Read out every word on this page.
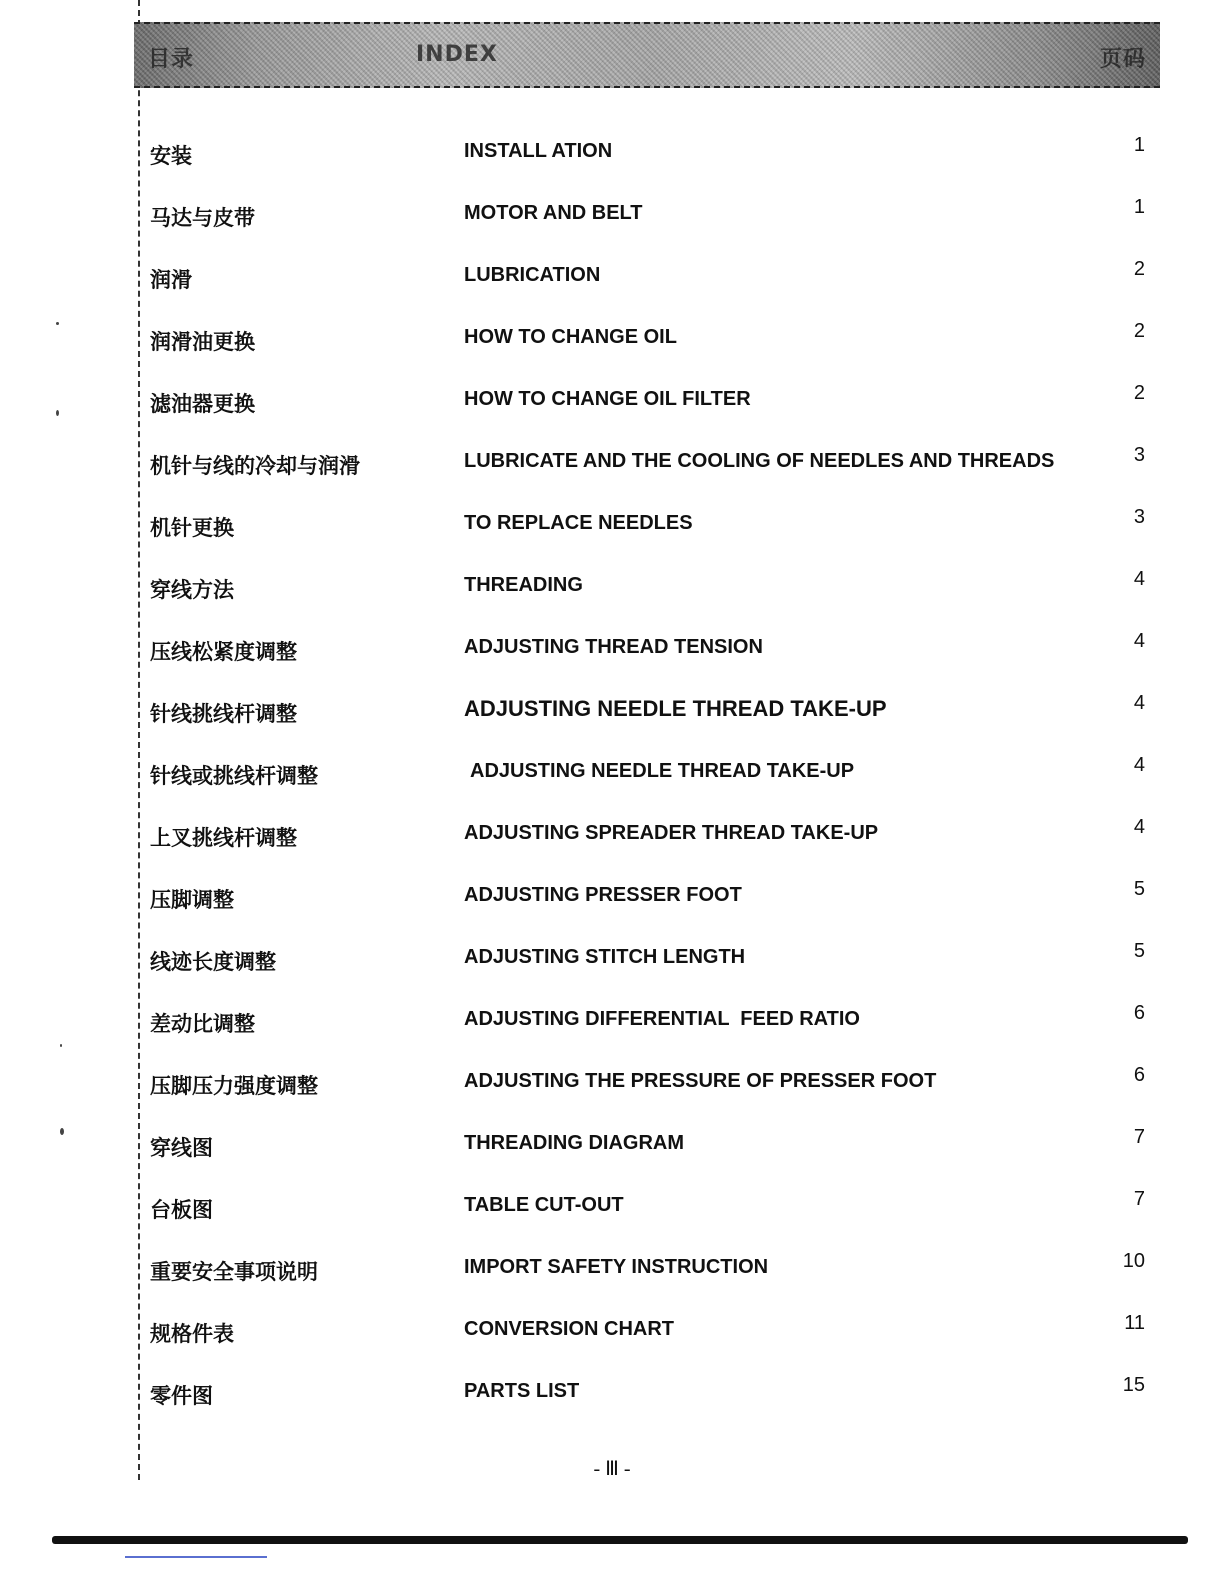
目录	INDEX	页码
安装	INSTALL ATION	1
马达与皮带	MOTOR AND BELT	1
润滑	LUBRICATION	2
润滑油更换	HOW TO CHANGE OIL	2
滤油器更换	HOW TO CHANGE OIL FILTER	2
机针与线的冷却与润滑	LUBRICATE AND THE COOLING OF NEEDLES AND THREADS	3
机针更换	TO REPLACE NEEDLES	3
穿线方法	THREADING	4
压线松紧度调整	ADJUSTING THREAD TENSION	4
针线挑线杆调整	ADJUSTING NEEDLE THREAD TAKE-UP	4
针线或挑线杆调整	ADJUSTING NEEDLE THREAD TAKE-UP	4
上叉挑线杆调整	ADJUSTING SPREADER THREAD TAKE-UP	4
压脚调整	ADJUSTING PRESSER FOOT	5
线迹长度调整	ADJUSTING STITCH LENGTH	5
差动比调整	ADJUSTING DIFFERENTIAL  FEED RATIO	6
压脚压力强度调整	ADJUSTING THE PRESSURE OF PRESSER FOOT	6
穿线图	THREADING DIAGRAM	7
台板图	TABLE CUT-OUT	7
重要安全事项说明	IMPORT SAFETY INSTRUCTION	10
规格件表	CONVERSION CHART	11
零件图	PARTS LIST	15
- Ⅲ -
